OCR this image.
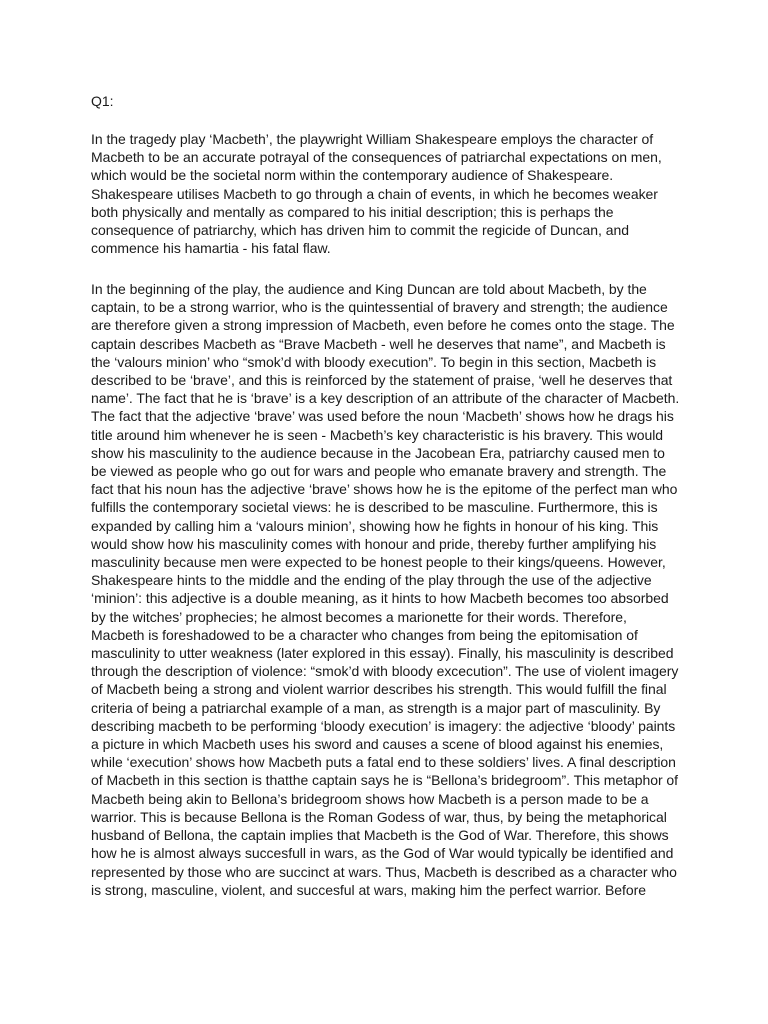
Q1:

In the tragedy play ‘Macbeth’, the playwright William Shakespeare employs the character of
Macbeth to be an accurate potrayal of the consequences of patriarchal expectations on men,
which would be the societal norm within the contemporary audience of Shakespeare.
Shakespeare utilises Macbeth to go through a chain of events, in which he becomes weaker
both physically and mentally as compared to his initial description; this is perhaps the
consequence of patriarchy, which has driven him to commit the regicide of Duncan, and
commence his hamartia - his fatal flaw.

In the beginning of the play, the audience and King Duncan are told about Macbeth, by the
captain, to be a strong warrior, who is the quintessential of bravery and strength; the audience
are therefore given a strong impression of Macbeth, even before he comes onto the stage. The
captain describes Macbeth as “Brave Macbeth - well he deserves that name”, and Macbeth is
the ‘valours minion’ who “smok’d with bloody execution”. To begin in this section, Macbeth is
described to be ‘brave’, and this is reinforced by the statement of praise, ‘well he deserves that
name’. The fact that he is ‘brave’ is a key description of an attribute of the character of Macbeth.
The fact that the adjective ‘brave’ was used before the noun ‘Macbeth’ shows how he drags his
title around him whenever he is seen - Macbeth’s key characteristic is his bravery. This would
show his masculinity to the audience because in the Jacobean Era, patriarchy caused men to
be viewed as people who go out for wars and people who emanate bravery and strength. The
fact that his noun has the adjective ‘brave’ shows how he is the epitome of the perfect man who
fulfills the contemporary societal views: he is described to be masculine. Furthermore, this is
expanded by calling him a ‘valours minion’, showing how he fights in honour of his king. This
would show how his masculinity comes with honour and pride, thereby further amplifying his
masculinity because men were expected to be honest people to their kings/queens. However,
Shakespeare hints to the middle and the ending of the play through the use of the adjective
‘minion’: this adjective is a double meaning, as it hints to how Macbeth becomes too absorbed
by the witches’ prophecies; he almost becomes a marionette for their words. Therefore,
Macbeth is foreshadowed to be a character who changes from being the epitomisation of
masculinity to utter weakness (later explored in this essay). Finally, his masculinity is described
through the description of violence: “smok’d with bloody excecution”. The use of violent imagery
of Macbeth being a strong and violent warrior describes his strength. This would fulfill the final
criteria of being a patriarchal example of a man, as strength is a major part of masculinity. By
describing macbeth to be performing ‘bloody execution’ is imagery: the adjective ‘bloody’ paints
a picture in which Macbeth uses his sword and causes a scene of blood against his enemies,
while ‘execution’ shows how Macbeth puts a fatal end to these soldiers’ lives. A final description
of Macbeth in this section is thatthe captain says he is “Bellona’s bridegroom”. This metaphor of
Macbeth being akin to Bellona’s bridegroom shows how Macbeth is a person made to be a
warrior. This is because Bellona is the Roman Godess of war, thus, by being the metaphorical
husband of Bellona, the captain implies that Macbeth is the God of War. Therefore, this shows
how he is almost always succesfull in wars, as the God of War would typically be identified and
represented by those who are succinct at wars. Thus, Macbeth is described as a character who
is strong, masculine, violent, and succesful at wars, making him the perfect warrior. Before
